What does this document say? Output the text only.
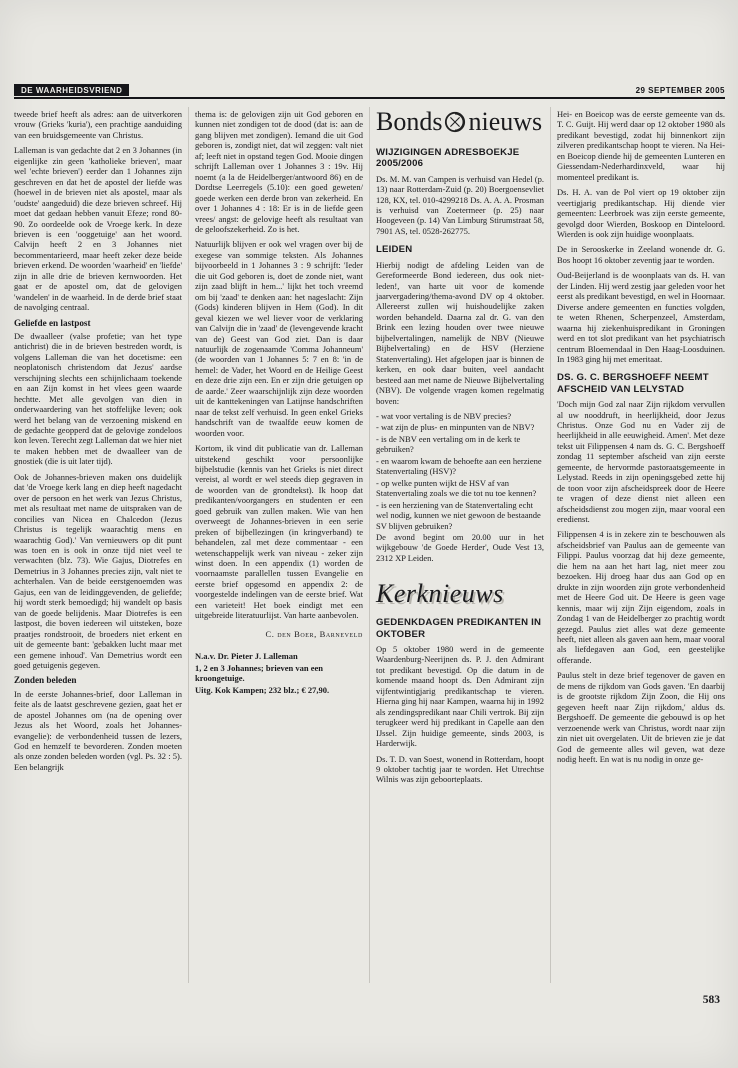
DE WAARHEIDSVRIEND	29 SEPTEMBER 2005

tweede brief heeft als adres: aan de uitverkoren vrouw (Grieks 'kuria'), een prachtige aanduiding van een bruidsgemeente van Christus.

Lalleman is van gedachte dat 2 en 3 Johannes (in eigenlijke zin geen 'katholieke brieven', maar wel 'echte brieven') eerder dan 1 Johannes zijn geschreven en dat het de apostel der liefde was (hoewel in de brieven niet als apostel, maar als 'oudste' aangeduid) die deze brieven schreef. Hij moet dat gedaan hebben vanuit Efeze; rond 80-90. Zo oordeelde ook de Vroege kerk. In deze brieven is een 'ooggetuige' aan het woord. Calvijn heeft 2 en 3 Johannes niet becommentarieerd, maar heeft zeker deze beide brieven erkend. De woorden 'waarheid' en 'liefde' zijn in alle drie de brieven kernwoorden. Het gaat er de apostel om, dat de gelovigen 'wandelen' in de waarheid. In de derde brief staat de navolging centraal.

Geliefde en lastpost

De dwaalleer (valse profetie; van het type antichrist) die in de brieven bestreden wordt, is volgens Lalleman die van het docetisme: een neoplatonisch christendom dat Jezus' aardse verschijning slechts een schijnlichaam toekende en aan Zijn komst in het vlees geen waarde hechtte. Met alle gevolgen van dien in onderwaardering van het stoffelijke leven; ook werd het belang van de verzoening miskend en de gedachte geopperd dat de gelovige zondeloos kon leven. Terecht zegt Lalleman dat we hier niet te maken hebben met de dwaalleer van de gnostiek (die is uit later tijd).

Ook de Johannes-brieven maken ons duidelijk dat 'de Vroege kerk lang en diep heeft nagedacht over de persoon en het werk van Jezus Christus, met als resultaat met name de uitspraken van de concilies van Nicea en Chalcedon (Jezus Christus is tegelijk waarachtig mens en waarachtig God).' Van vernieuwers op dit punt was toen en is ook in onze tijd niet veel te verwachten (blz. 73). Wie Gajus, Diotrefes en Demetrius in 3 Johannes precies zijn, valt niet te achterhalen. Van de beide eerstgenoemden was Gajus, een van de leidinggevenden, de geliefde; hij wordt sterk bemoedigd; hij wandelt op basis van de goede belijdenis. Maar Diotrefes is een lastpost, die boven iedereen wil uitsteken, boze praatjes rondstrooit, de broeders niet erkent en uit de gemeente bant: 'gebakken lucht maar met een gemene inhoud'. Van Demetrius wordt een goed getuigenis gegeven.

Zonden beleden

In de eerste Johannes-brief, door Lalleman in feite als de laatst geschrevene gezien, gaat het er de apostel Johannes om (na de opening over Jezus als het Woord, zoals het Johannes-evangelie): de verbondenheid tussen de lezers, God en hemzelf te bevorderen. Zonden moeten als onze zonden beleden worden (vgl. Ps. 32 : 5). Een belangrijk

thema is: de gelovigen zijn uit God geboren en kunnen niet zondigen tot de dood (dat is: aan de gang blijven met zondigen). Iemand die uit God geboren is, zondigt niet, dat wil zeggen: valt niet af; leeft niet in opstand tegen God. Mooie dingen schrijft Lalleman over 1 Johannes 3 : 19v. Hij noemt (a la de Heidelberger/antwoord 86) en de Dordtse Leerregels (5.10): een goed geweten/ goede werken een derde bron van zekerheid. En over 1 Johannes 4 : 18: Er is in de liefde geen vrees/ angst: de gelovige heeft als resultaat van de geloofszekerheid. Zo is het.

Natuurlijk blijven er ook wel vragen over bij de exegese van sommige teksten. Als Johannes bijvoorbeeld in 1 Johannes 3 : 9 schrijft: 'Ieder die uit God geboren is, doet de zonde niet, want zijn zaad blijft in hem...' lijkt het toch vreemd om bij 'zaad' te denken aan: het nageslacht: Zijn (Gods) kinderen blijven in Hem (God). In dit geval kiezen we wel liever voor de verklaring van Calvijn die in 'zaad' de (levengevende kracht van de) Geest van God ziet. Dan is daar natuurlijk de zogenaamde 'Comma Johanneum' (de woorden van 1 Johannes 5: 7 en 8: 'in de hemel: de Vader, het Woord en de Heilige Geest en deze drie zijn een. En er zijn drie getuigen op de aarde.' Zeer waarschijnlijk zijn deze woorden uit de kanttekeningen van Latijnse handschriften naar de tekst zelf verhuisd. In geen enkel Grieks handschrift van de twaalfde eeuw komen de woorden voor.

Kortom, ik vind dit publicatie van dr. Lalleman uitstekend geschikt voor persoonlijke bijbelstudie (kennis van het Grieks is niet direct vereist, al wordt er wel steeds diep gegraven in de woorden van de grondtekst). Ik hoop dat predikanten/voorgangers en studenten er een goed gebruik van zullen maken. Wie van hen overweegt de Johannes-brieven in een serie preken of bijbellezingen (in kringverband) te behandelen, zal met deze commentaar - een wetenschappelijk werk van niveau - zeker zijn winst doen. In een appendix (1) worden de voornaamste parallellen tussen Evangelie en eerste brief opgesomd en appendix 2: de voorgestelde indelingen van de eerste brief. Wat een varieteit! Het boek eindigt met een uitgebreide literatuurlijst. Van harte aanbevolen.

C. den Boer, Barneveld

N.a.v. Dr. Pieter J. Lalleman

1, 2 en 3 Johannes; brieven van een kroongetuige.

Uitg. Kok Kampen; 232 blz.; € 27,90.

Bonds nieuws
WIJZIGINGEN ADRESBOEKJE 2005/2006

Ds. M. M. van Campen is verhuisd van Hedel (p. 13) naar Rotterdam-Zuid (p. 20) Boergoensevliet 128, KX, tel. 010-4299218 Ds. A. A. A. Prosman is verhuisd van Zoetermeer (p. 25) naar Hoogeveen (p. 14) Van Limburg Stirumstraat 58, 7901 AS, tel. 0528-262775.

LEIDEN

Hierbij nodigt de afdeling Leiden van de Gereformeerde Bond iedereen, dus ook niet-leden!, van harte uit voor de komende jaarvergadering/thema-avond DV op 4 oktober. Allereerst zullen wij huishoudelijke zaken worden behandeld. Daarna zal dr. G. van den Brink een lezing houden over twee nieuwe bijbelvertalingen, namelijk de NBV (Nieuwe Bijbelvertaling) en de HSV (Herziene Statenvertaling). Het afgelopen jaar is binnen de kerken, en ook daar buiten, veel aandacht besteed aan met name de Nieuwe Bijbelvertaling (NBV). De volgende vragen komen regelmatig boven:

- wat voor vertaling is de NBV precies?

- wat zijn de plus- en minpunten van de NBV?

- is de NBV een vertaling om in de kerk te gebruiken?

- en waarom kwam de behoefte aan een herziene Statenvertaling (HSV)?

- op welke punten wijkt de HSV af van Statenvertaling zoals we die tot nu toe kennen?

- is een herziening van de Statenvertaling echt wel nodig, kunnen we niet gewoon de bestaande SV blijven gebruiken?

De avond begint om 20.00 uur in het wijkgebouw 'de Goede Herder', Oude Vest 13, 2312 XP Leiden.

Kerknieuws
GEDENKDAGEN PREDIKANTEN IN OKTOBER

Op 5 oktober 1980 werd in de gemeente Waardenburg-Neerijnen ds. P. J. den Admirant tot predikant bevestigd. Op die datum in de komende maand hoopt ds. Den Admirant zijn vijfentwintigjarig predikantschap te vieren. Hierna ging hij naar Kampen, waarna hij in 1992 als zendingspredikant naar Chili vertrok. Bij zijn terugkeer werd hij predikant in Capelle aan den IJssel. Zijn huidige gemeente, sinds 2003, is Harderwijk.

Ds. T. D. van Soest, wonend in Rotterdam, hoopt 9 oktober tachtig jaar te worden. Het Utrechtse Wilnis was zijn geboorteplaats.

Hei- en Boeicop was de eerste gemeente van ds. T. C. Guijt. Hij werd daar op 12 oktober 1980 als predikant bevestigd, zodat hij binnenkort zijn zilveren predikantschap hoopt te vieren. Na Hei- en Boeicop diende hij de gemeenten Lunteren en Giessendam-Nederhardinxveld, waar hij momenteel predikant is.

Ds. H. A. van de Pol viert op 19 oktober zijn veertigjarig predikantschap. Hij diende vier gemeenten: Leerbroek was zijn eerste gemeente, gevolgd door Wierden, Boskoop en Dinteloord. Wierden is ook zijn huidige woonplaats.

De in Serooskerke in Zeeland wonende dr. G. Bos hoopt 16 oktober zeventig jaar te worden.

Oud-Beijerland is de woonplaats van ds. H. van der Linden. Hij werd zestig jaar geleden voor het eerst als predikant bevestigd, en wel in Hoornaar. Diverse andere gemeenten en functies volgden, te weten Rhenen, Scherpenzeel, Amsterdam, waarna hij ziekenhuispredikant in Groningen werd en tot slot predikant van het psychiatrisch centrum Bloemendaal in Den Haag-Loosduinen. In 1983 ging hij met emeritaat.

DS. G. C. BERGSHOEFF NEEMT AFSCHEID VAN LELYSTAD

'Doch mijn God zal naar Zijn rijkdom vervullen al uw nooddruft, in heerlijkheid, door Jezus Christus. Onze God nu en Vader zij de heerlijkheid in alle eeuwigheid. Amen'. Met deze tekst uit Filippensen 4 nam ds. G. C. Bergshoeff zondag 11 september afscheid van zijn eerste gemeente, de hervormde pastoraatsgemeente in Lelystad. Reeds in zijn openingsgebed zette hij de toon voor zijn afscheidspreek door de Heere te vragen of deze dienst niet alleen een afscheidsdienst zou mogen zijn, maar vooral een eredienst.

Filippensen 4 is in zekere zin te beschouwen als afscheidsbrief van Paulus aan de gemeente van Filippi. Paulus voorzag dat hij deze gemeente, die hem na aan het hart lag, niet meer zou bezoeken. Hij droeg haar dus aan God op en drukte in zijn woorden zijn grote verbondenheid met de Heere God uit. De Heere is geen vage kennis, maar wij zijn Zijn eigendom, zoals in Zondag 1 van de Heidelberger zo prachtig wordt gezegd. Paulus ziet alles wat deze gemeente heeft, niet alleen als gaven aan hem, maar vooral als liefdegaven aan God, een geestelijke offerande.

Paulus stelt in deze brief tegenover de gaven en de mens de rijkdom van Gods gaven. 'En daarbij is de grootste rijkdom Zijn Zoon, die Hij ons gegeven heeft naar Zijn rijkdom,' aldus ds. Bergshoeff. De gemeente die gebouwd is op het verzoenende werk van Christus, wordt naar zijn zin niet uit overgelaten. Uit de brieven zie je dat God de gemeente alles wil geven, wat deze nodig heeft. En wat is nu nodig in onze ge-

583
